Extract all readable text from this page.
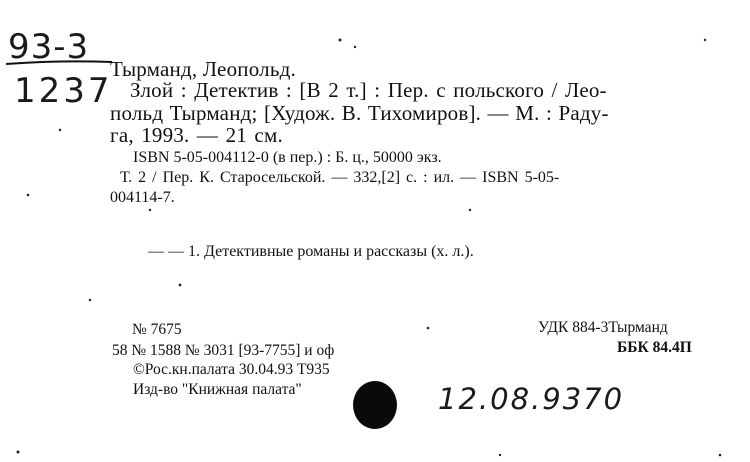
93-3
1237
Тырманд, Леопольд.
Злой : Детектив : [В 2 т.] : Пер. с польского / Лео-
польд Тырманд; [Худож. В. Тихомиров]. — М. : Раду-
га, 1993. — 21 см.
ISBN 5-05-004112-0 (в пер.) : Б. ц., 50000 экз.
Т. 2 / Пер. К. Старосельской. — 332,[2] с. : ил. — ISBN 5-05-
004114-7.
— — 1. Детективные романы и рассказы (х. л.).
№ 7675
58 № 1588 № 3031 [93-7755] и оф
©Рос.кн.палата 30.04.93 Т935
Изд-во "Книжная палата"
УДК 884-3Тырманд
ББК 84.4П
12.08.9370
